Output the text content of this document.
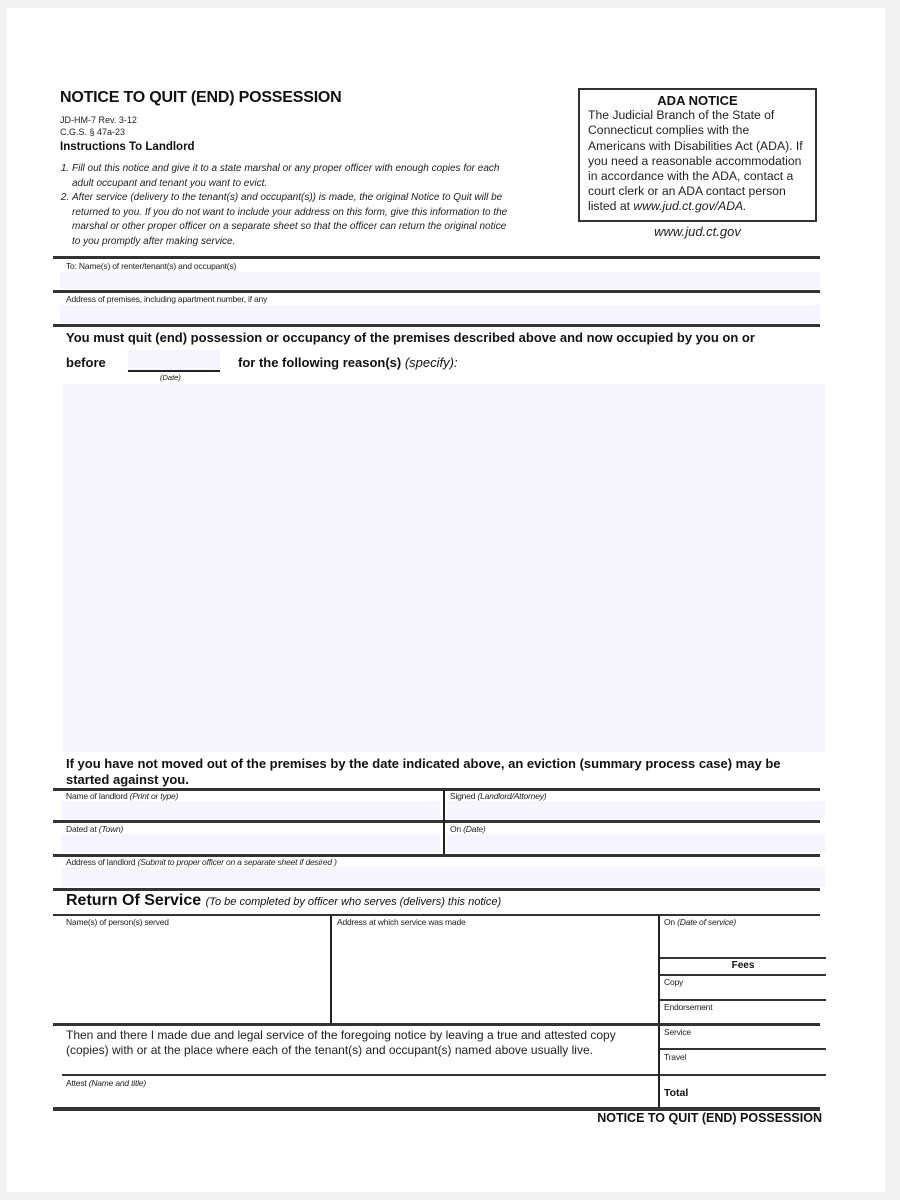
NOTICE TO QUIT (END) POSSESSION
JD-HM-7 Rev. 3-12
C.G.S. § 47a-23
Instructions To Landlord
1. Fill out this notice and give it to a state marshal or any proper officer with enough copies for each adult occupant and tenant you want to evict.
2. After service (delivery to the tenant(s) and occupant(s)) is made, the original Notice to Quit will be returned to you. If you do not want to include your address on this form, give this information to the marshal or other proper officer on a separate sheet so that the officer can return the original notice to you promptly after making service.
ADA NOTICE
The Judicial Branch of the State of Connecticut complies with the Americans with Disabilities Act (ADA). If you need a reasonable accommodation in accordance with the ADA, contact a court clerk or an ADA contact person listed at www.jud.ct.gov/ADA.
www.jud.ct.gov
To: Name(s) of renter/tenant(s) and occupant(s)
Address of premises, including apartment number, if any
You must quit (end) possession or occupancy of the premises described above and now occupied by you on or
before
(Date)
for the following reason(s) (specify):
If you have not moved out of the premises by the date indicated above, an eviction (summary process case) may be started against you.
Name of landlord (Print or type)	Signed (Landlord/Attorney)
Dated at (Town)	On (Date)
Address of landlord (Submit to proper officer on a separate sheet if desired )
Return Of Service (To be completed by officer who serves (delivers) this notice)
Name(s) of person(s) served	Address at which service was made	On (Date of service)
Fees
Copy
Endorsement
Service
Travel
Total
Then and there I made due and legal service of the foregoing notice by leaving a true and attested copy (copies) with or at the place where each of the tenant(s) and occupant(s) named above usually live.
Attest (Name and title)
NOTICE TO QUIT (END) POSSESSION
